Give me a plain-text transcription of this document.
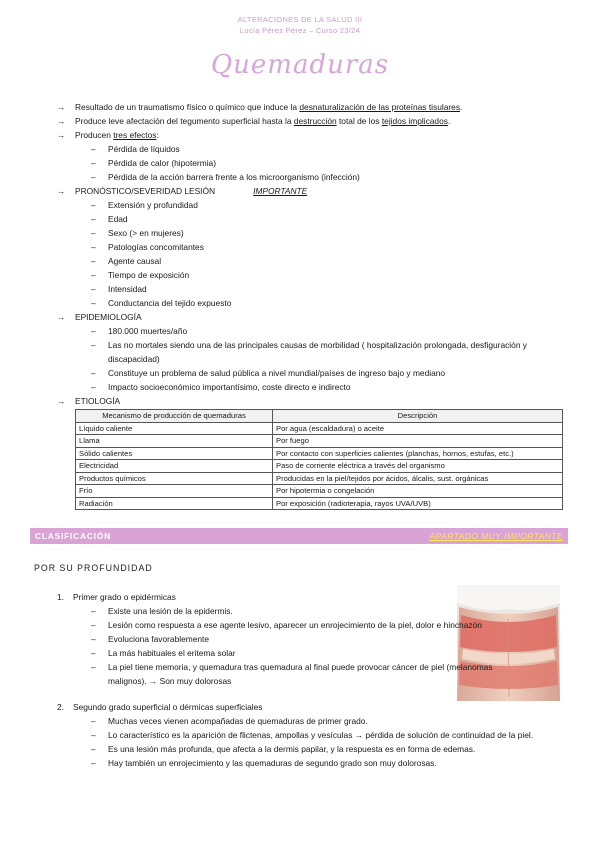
ALTERACIONES DE LA SALUD III
Lucía Pérez Pérez – Curso 23/24
Quemaduras
→	Resultado de un traumatismo físico o químico que induce la desnaturalización de las proteínas tisulares.
→	Produce leve afectación del tegumento superficial hasta la destrucción total de los tejidos implicados.
→	Producen tres efectos:
– Pérdida de líquidos
– Pérdida de calor (hipotermia)
– Pérdida de la acción barrera frente a los microorganismo (infección)
→	PRONÓSTICO/SEVERIDAD LESIÓN	IMPORTANTE
– Extensión y profundidad
– Edad
– Sexo (> en mujeres)
– Patologías concomitantes
– Agente causal
– Tiempo de exposición
– Intensidad
– Conductancia del tejido expuesto
→	EPIDEMIOLOGÍA
– 180.000 muertes/año
– Las no mortales siendo una de las principales causas de morbilidad ( hospitalización prolongada, desfiguración y discapacidad)
– Constituye un problema de salud pública a nivel mundial/países de ingreso bajo y mediano
– Impacto socioeconómico importantísimo, coste directo e indirecto
→	ETIOLOGÍA
Mecanismo de producción de quemaduras	Descripción
Líquido caliente	Por agua (escaldadura) o aceite
Llama	Por fuego
Sólido calientes	Por contacto con superficies calientes (planchas, hornos, estufas, etc.)
Electricidad	Paso de corriente eléctrica a través del organismo
Productos químicos	Producidas en la piel/tejidos por ácidos, álcalis, sust. orgánicas
Frío	Por hipotermia o congelación
Radiación	Por exposición (radioterapia, rayos UVA/UVB)
CLASIFICACIÓN	APARTADO MUY IMPORTANTE
POR SU PROFUNDIDAD
1. Primer grado o epidérmicas
– Existe una lesión de la epidermis.
– Lesión como respuesta a ese agente lesivo, aparecer un enrojecimiento de la piel, dolor e hinchazón
– Evoluciona favorablemente
– La más habituales el eritema solar
– La piel tiene memoria, y quemadura tras quemadura al final puede provocar cáncer de piel (melanomas malignos). → Son muy dolorosas
2. Segundo grado superficial o dérmicas superficiales
– Muchas veces vienen acompañadas de quemaduras de primer grado.
– Lo característico es la aparición de flictenas, ampollas y vesículas → pérdida de solución de continuidad de la piel.
– Es una lesión más profunda, que afecta a la dermis papilar, y la respuesta es en forma de edemas.
– Hay también un enrojecimiento y las quemaduras de segundo grado son muy dolorosas.
